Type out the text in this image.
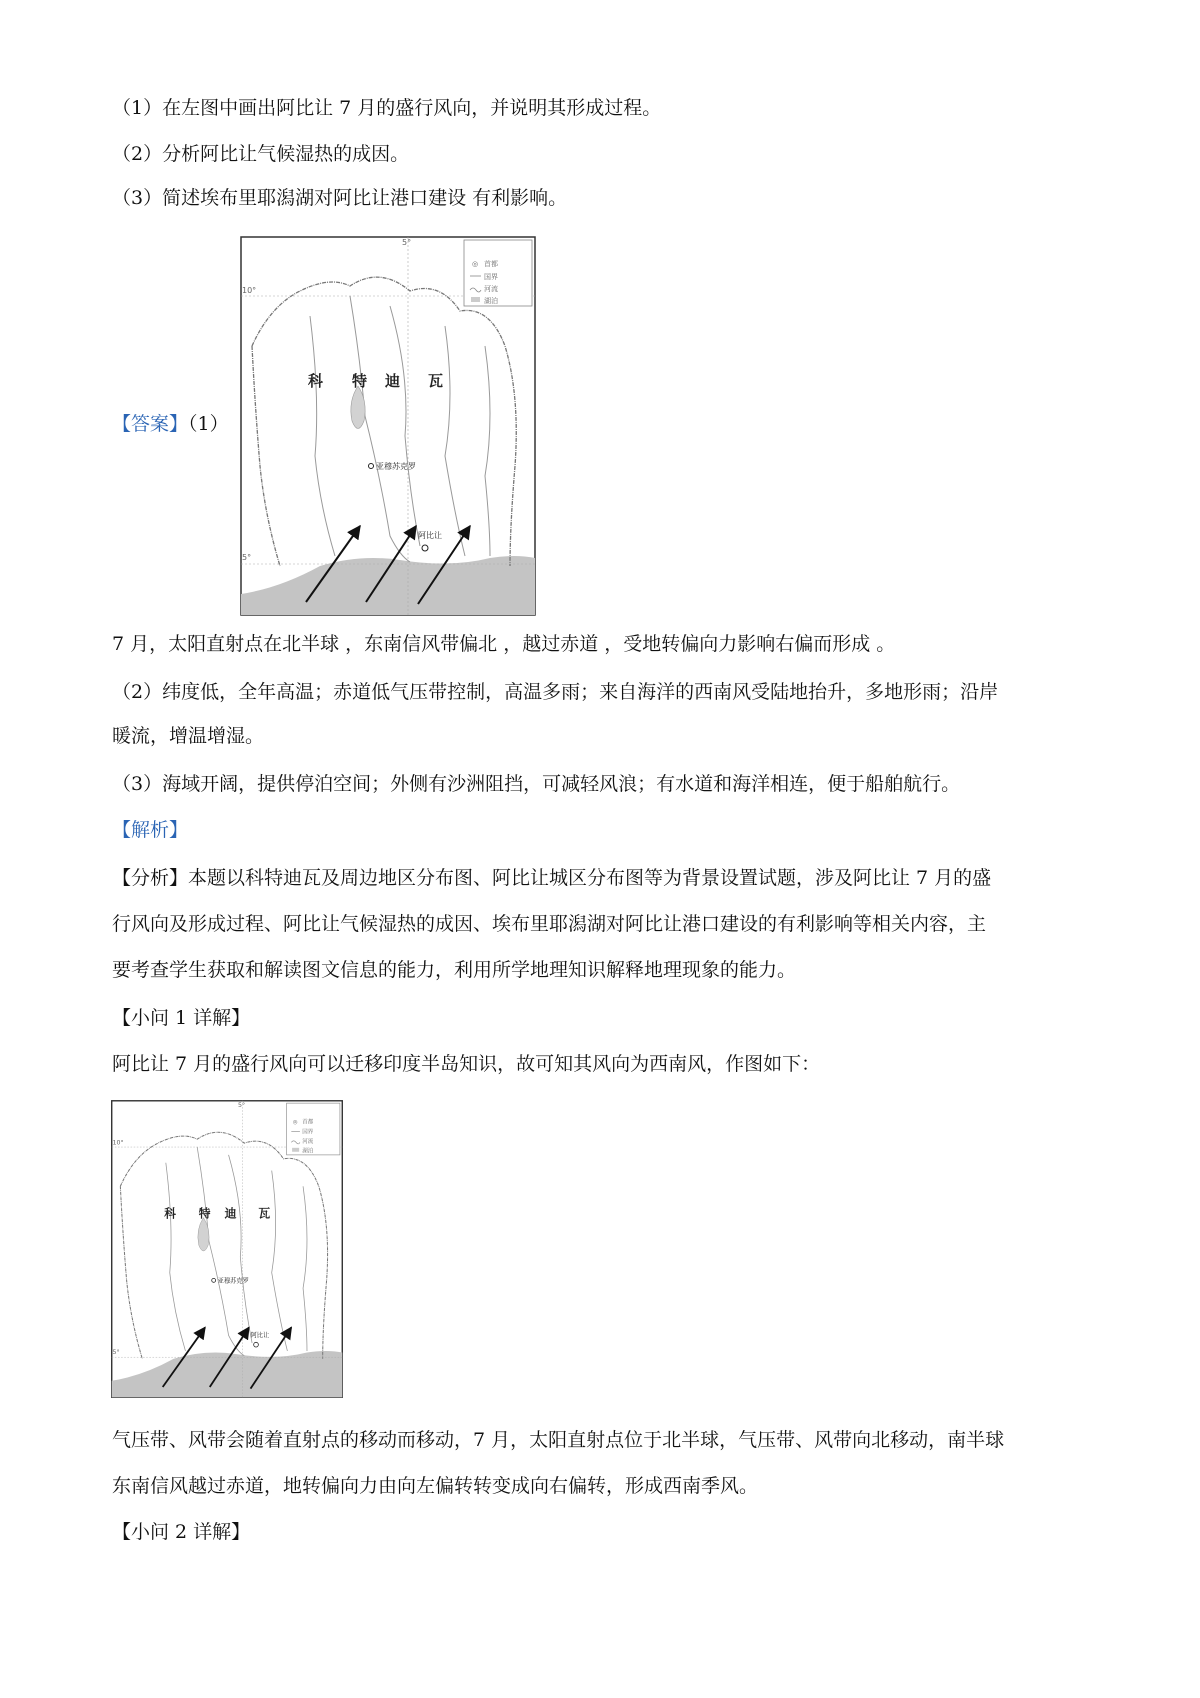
（1）在左图中画出阿比让 7 月的盛行风向，并说明其形成过程。
（2）分析阿比让气候湿热的成因。
（3）简述埃布里耶潟湖对阿比让港口建设 有利影响。
【答案】（1）
◎ 首都
国界
河流
湖泊
5°
10°
5°
科 特 迪 瓦
亚穆苏克罗
阿比让
7 月，太阳直射点在北半球 ，东南信风带偏北 ，越过赤道 ，受地转偏向力影响右偏而形成 。
（2）纬度低，全年高温；赤道低气压带控制，高温多雨；来自海洋的西南风受陆地抬升，多地形雨；沿岸
暖流，增温增湿。
（3）海域开阔，提供停泊空间；外侧有沙洲阻挡，可减轻风浪；有水道和海洋相连，便于船舶航行。
【解析】
【分析】本题以科特迪瓦及周边地区分布图、阿比让城区分布图等为背景设置试题，涉及阿比让 7 月的盛
行风向及形成过程、阿比让气候湿热的成因、埃布里耶潟湖对阿比让港口建设的有利影响等相关内容，主
要考查学生获取和解读图文信息的能力，利用所学地理知识解释地理现象的能力。
【小问 1 详解】
阿比让 7 月的盛行风向可以迁移印度半岛知识，故可知其风向为西南风，作图如下：
◎ 首都
国界
河流
湖泊
5°
10°
5°
科 特 迪 瓦
亚穆苏克罗
阿比让
气压带、风带会随着直射点的移动而移动，7 月，太阳直射点位于北半球，气压带、风带向北移动，南半球
东南信风越过赤道，地转偏向力由向左偏转转变成向右偏转，形成西南季风。
【小问 2 详解】
